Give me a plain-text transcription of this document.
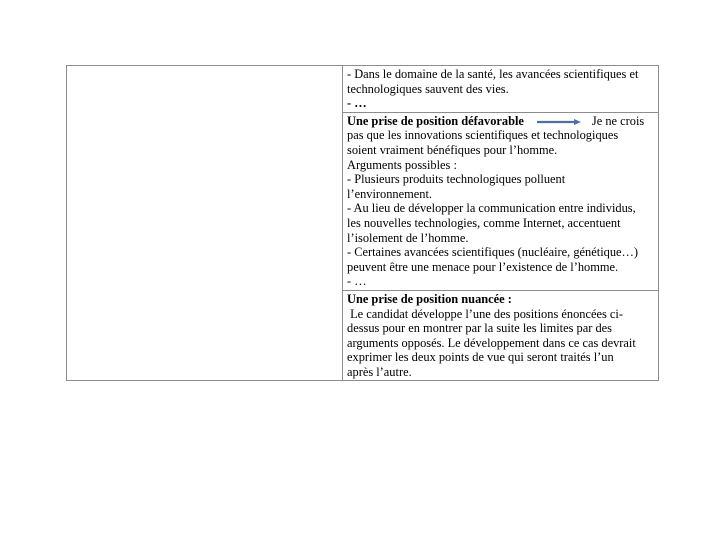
- Dans le domaine de la santé, les avancées scientifiques et
technologiques sauvent des vies.
- …

Une prise de position défavorable	Je ne crois
pas que les innovations scientifiques et technologiques
soient vraiment bénéfiques pour l’homme.
Arguments possibles :
- Plusieurs produits technologiques polluent
l’environnement.
- Au lieu de développer la communication entre individus,
les nouvelles technologies, comme Internet, accentuent
l’isolement de l’homme.
- Certaines avancées scientifiques (nucléaire, génétique…)
peuvent être une menace pour l’existence de l’homme.
- …

Une prise de position nuancée :
Le candidat développe l’une des positions énoncées ci-
dessus pour en montrer par la suite les limites par des
arguments opposés. Le développement dans ce cas devrait
exprimer les deux points de vue qui seront traités l’un
après l’autre.
